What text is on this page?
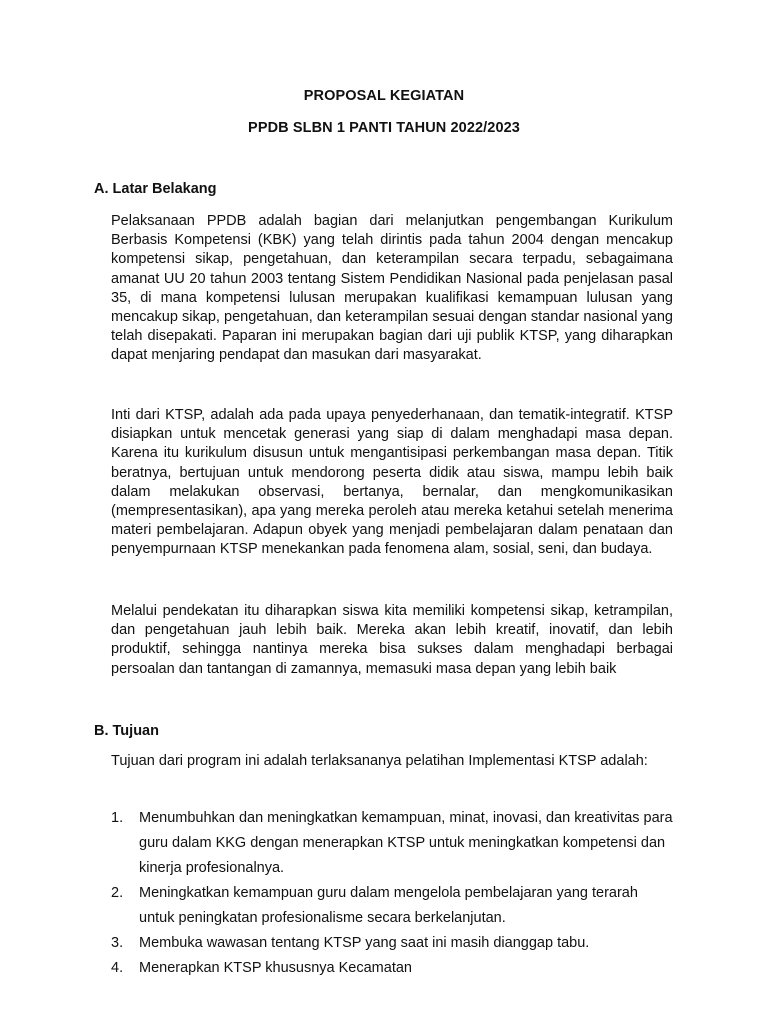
PROPOSAL KEGIATAN
PPDB SLBN 1 PANTI TAHUN 2022/2023
A. Latar Belakang

Pelaksanaan PPDB adalah bagian dari melanjutkan pengembangan Kurikulum Berbasis Kompetensi (KBK) yang telah dirintis pada tahun 2004 dengan mencakup kompetensi sikap, pengetahuan, dan keterampilan secara terpadu, sebagaimana amanat UU 20 tahun 2003 tentang Sistem Pendidikan Nasional pada penjelasan pasal 35, di mana kompetensi lulusan merupakan kualifikasi kemampuan lulusan yang mencakup sikap, pengetahuan, dan keterampilan sesuai dengan standar nasional yang telah disepakati. Paparan ini merupakan bagian dari uji publik KTSP, yang diharapkan dapat menjaring pendapat dan masukan dari masyarakat.

Inti dari KTSP, adalah ada pada upaya penyederhanaan, dan tematik-integratif. KTSP disiapkan untuk mencetak generasi yang siap di dalam menghadapi masa depan. Karena itu kurikulum disusun untuk mengantisipasi perkembangan masa depan. Titik beratnya, bertujuan untuk mendorong peserta didik atau siswa, mampu lebih baik dalam melakukan observasi, bertanya, bernalar, dan mengkomunikasikan (mempresentasikan), apa yang mereka peroleh atau mereka ketahui setelah menerima materi pembelajaran. Adapun obyek yang menjadi pembelajaran dalam penataan dan penyempurnaan KTSP menekankan pada fenomena alam, sosial, seni, dan budaya.

Melalui pendekatan itu diharapkan siswa kita memiliki kompetensi sikap, ketrampilan, dan pengetahuan jauh lebih baik. Mereka akan lebih kreatif, inovatif, dan lebih produktif, sehingga nantinya mereka bisa sukses dalam menghadapi berbagai persoalan dan tantangan di zamannya, memasuki masa depan yang lebih baik

B. Tujuan

Tujuan dari program ini adalah terlaksananya pelatihan Implementasi KTSP adalah:

1. Menumbuhkan dan meningkatkan kemampuan, minat, inovasi, dan kreativitas para guru dalam KKG dengan menerapkan KTSP untuk meningkatkan kompetensi dan kinerja profesionalnya.
2. Meningkatkan kemampuan guru dalam mengelola pembelajaran yang terarah untuk peningkatan profesionalisme secara berkelanjutan.
3. Membuka wawasan tentang KTSP yang saat ini masih dianggap tabu.
4. Menerapkan KTSP khususnya Kecamatan
